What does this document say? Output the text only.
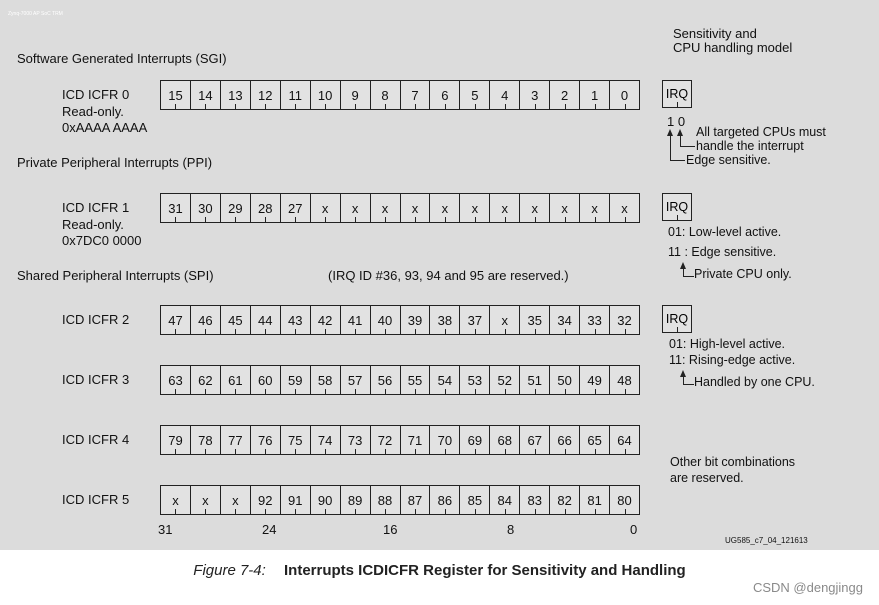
Zynq-7000 AP SoC TRM
Sensitivity and
CPU handling model
Software Generated Interrupts (SGI)
Private Peripheral Interrupts (PPI)
Shared Peripheral Interrupts (SPI)	(IRQ ID #36, 93, 94 and 95 are reserved.)
ICD ICFR 0
Read-only.
0xAAAA AAAA
ICD ICFR 1
Read-only.
0x7DC0 0000
ICD ICFR 2
ICD ICFR 3
ICD ICFR 4
ICD ICFR 5
15	14	13	12	11	10	9	8	7	6	5	4	3	2	1	0
31	30	29	28	27	x	x	x	x	x	x	x	x	x	x	x
47	46	45	44	43	42	41	40	39	38	37	x	35	34	33	32
63	62	61	60	59	58	57	56	55	54	53	52	51	50	49	48
79	78	77	76	75	74	73	72	71	70	69	68	67	66	65	64
x	x	x	92	91	90	89	88	87	86	85	84	83	82	81	80
IRQ
IRQ
IRQ
1 0
All targeted CPUs must
handle the interrupt
Edge sensitive.
01: Low-level active.
11 : Edge sensitive.
Private CPU only.
01: High-level active.
11: Rising-edge active.
Handled by one CPU.
Other bit combinations
are reserved.
31	24	16	8	0
UG585_c7_04_121613
Figure 7-4: Interrupts ICDICFR Register for Sensitivity and Handling
CSDN @dengjingg
